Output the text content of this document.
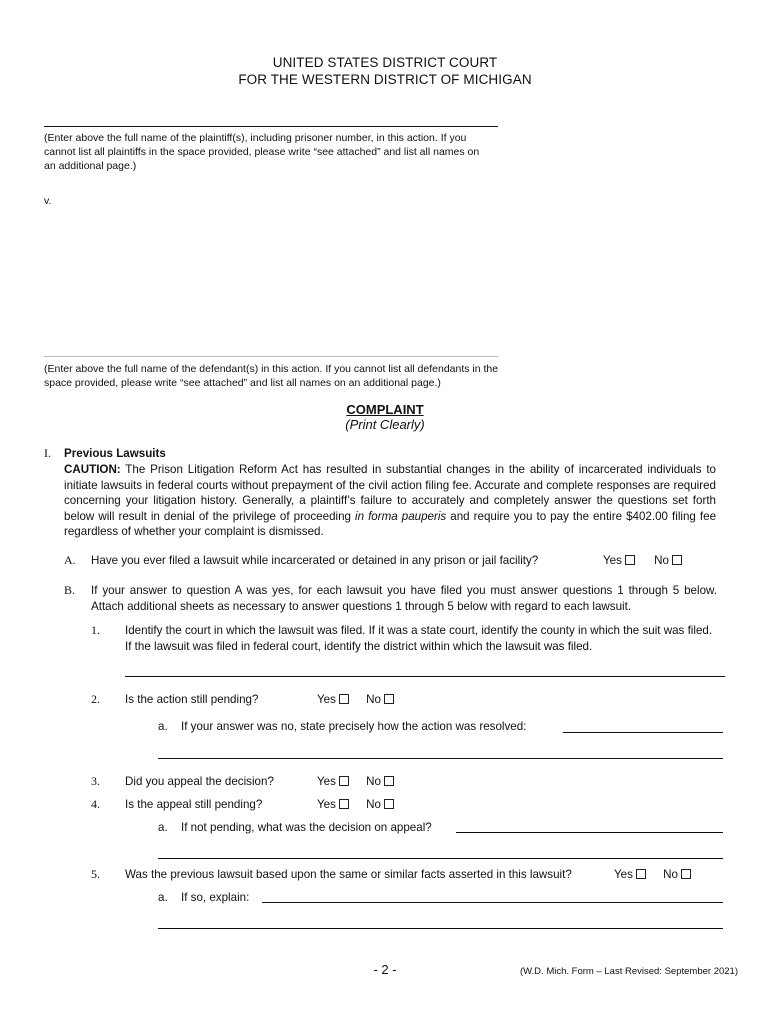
UNITED STATES DISTRICT COURT
FOR THE WESTERN DISTRICT OF MICHIGAN
(Enter above the full name of the plaintiff(s), including prisoner number, in this action. If you cannot list all plaintiffs in the space provided, please write “see attached” and list all names on an additional page.)
v.
(Enter above the full name of the defendant(s) in this action. If you cannot list all defendants in the space provided, please write “see attached” and list all names on an additional page.)
COMPLAINT
(Print Clearly)
I. Previous Lawsuits
CAUTION: The Prison Litigation Reform Act has resulted in substantial changes in the ability of incarcerated individuals to initiate lawsuits in federal courts without prepayment of the civil action filing fee. Accurate and complete responses are required concerning your litigation history. Generally, a plaintiff’s failure to accurately and completely answer the questions set forth below will result in denial of the privilege of proceeding in forma pauperis and require you to pay the entire $402.00 filing fee regardless of whether your complaint is dismissed.
A. Have you ever filed a lawsuit while incarcerated or detained in any prison or jail facility?	Yes	No
B. If your answer to question A was yes, for each lawsuit you have filed you must answer questions 1 through 5 below. Attach additional sheets as necessary to answer questions 1 through 5 below with regard to each lawsuit.
1. Identify the court in which the lawsuit was filed. If it was a state court, identify the county in which the suit was filed. If the lawsuit was filed in federal court, identify the district within which the lawsuit was filed.
2. Is the action still pending?	Yes	No
a. If your answer was no, state precisely how the action was resolved:
3. Did you appeal the decision?	Yes	No
4. Is the appeal still pending?	Yes	No
a. If not pending, what was the decision on appeal?
5. Was the previous lawsuit based upon the same or similar facts asserted in this lawsuit?	Yes	No
a. If so, explain:
- 2 -	(W.D. Mich. Form – Last Revised: September 2021)
